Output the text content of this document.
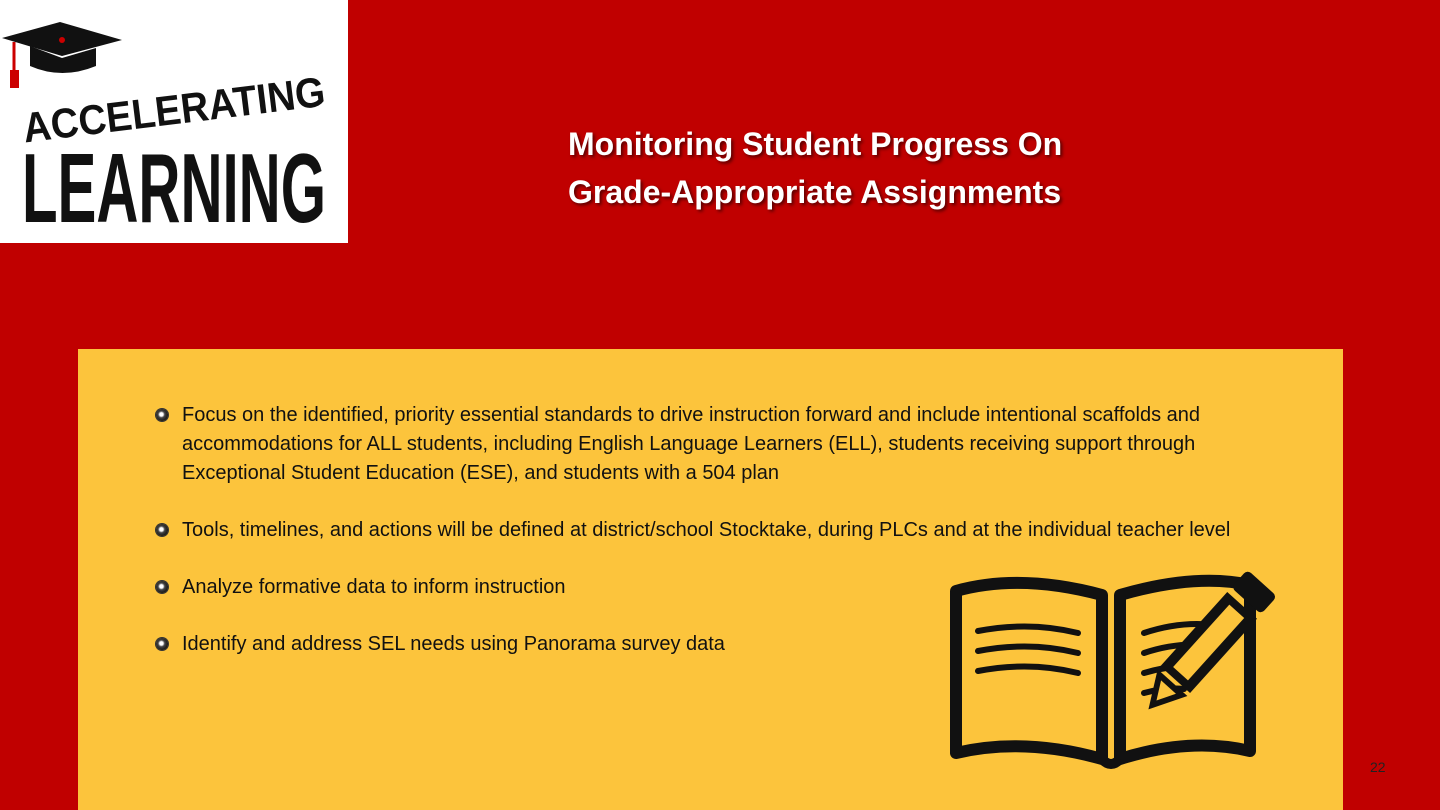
ACCELERATING
LEARNING	Monitoring Student Progress On
Grade-Appropriate Assignments
Focus on the identified, priority essential standards to drive instruction forward and include intentional scaffolds and accommodations for ALL students, including English Language Learners (ELL), students receiving support through Exceptional Student Education (ESE), and students with a 504 plan
Tools, timelines, and actions will be defined at district/school Stocktake, during PLCs and at the individual teacher level
Analyze formative data to inform instruction
Identify and address SEL needs using Panorama survey data
22
